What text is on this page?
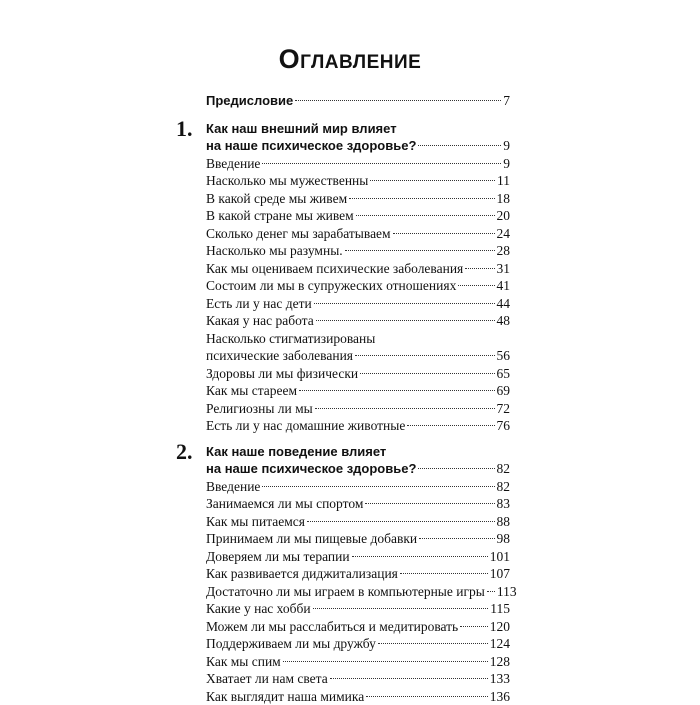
Оглавление
Предисловие	7
1.	Как наш внешний мир влияет
на наше психическое здоровье?	9
Введение	9
Насколько мы мужественны	11
В какой среде мы живем	18
В какой стране мы живем	20
Сколько денег мы зарабатываем	24
Насколько мы разумны.	28
Как мы оцениваем психические заболевания 31
Состоим ли мы в супружеских отношениях	41
Есть ли у нас дети	44
Какая у нас работа	48
Насколько стигматизированы
психические заболевания	56
Здоровы ли мы физически	65
Как мы стареем	69
Религиозны ли мы	72
Есть ли у нас домашние животные	76
2.	Как наше поведение влияет
на наше психическое здоровье?	82
Введение	82
Занимаемся ли мы спортом	83
Как мы питаемся	88
Принимаем ли мы пищевые добавки	98
Доверяем ли мы терапии	101
Как развивается диджитализация	107
Достаточно ли мы играем в компьютерные игры 113
Какие у нас хобби	115
Можем ли мы расслабиться и медитировать 120
Поддерживаем ли мы дружбу	124
Как мы спим	128
Хватает ли нам света	133
Как выглядит наша мимика	136
